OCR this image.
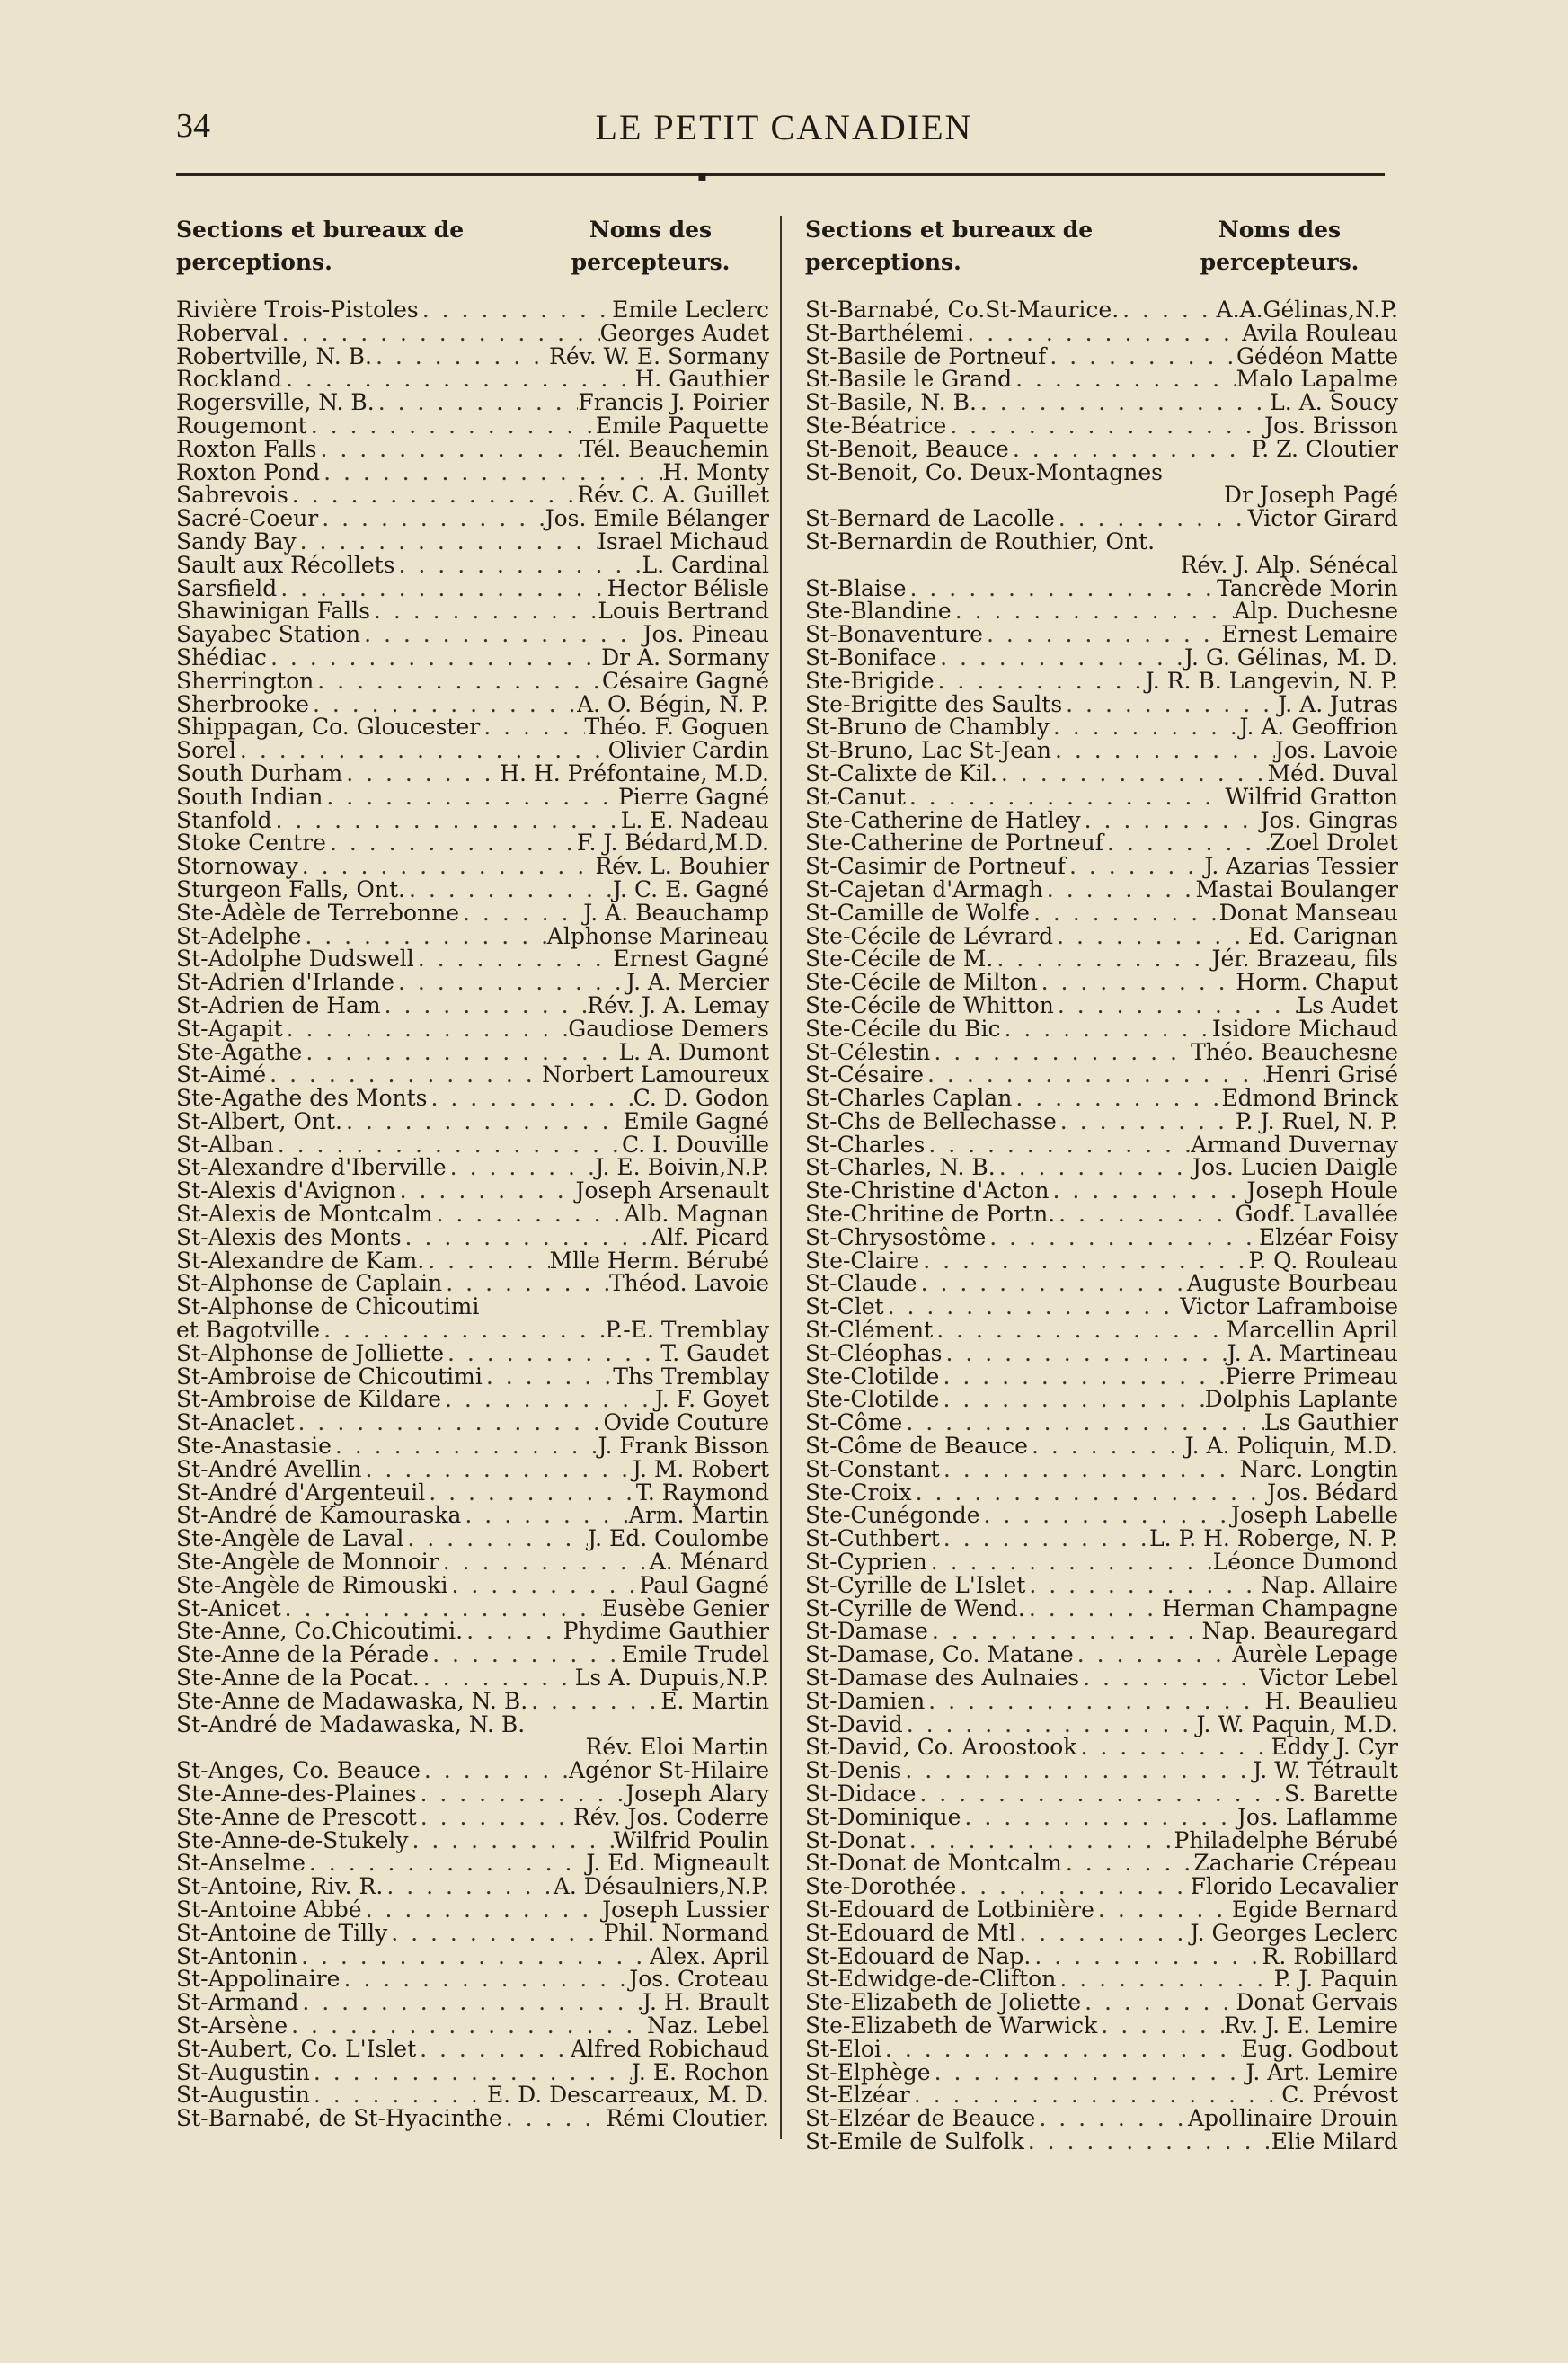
34	LE PETIT CANADIEN
▪
Sections et bureaux de perceptions.
Noms des percepteurs.
Rivière Trois-Pistoles . . .	Emile Leclerc
Roberval . . .	Georges Audet
Robertville, N. B. . . .	Rév. W. E. Sormany
Rockland . . .	H. Gauthier
Rogersville, N. B. . . .	Francis J. Poirier
Rougemont . . .	Emile Paquette
Roxton Falls . . .	Tél. Beauchemin
Roxton Pond . . .	H. Monty
Sabrevois . . .	Rév. C. A. Guillet
Sacré-Coeur . . .	Jos. Emile Bélanger
Sandy Bay . . .	Israel Michaud
Sault aux Récollets . . .	L. Cardinal
Sarsfield . . .	Hector Bélisle
Shawinigan Falls . . .	Louis Bertrand
Sayabec Station . . .	Jos. Pineau
Shédiac . . .	Dr A. Sormany
Sherrington . . .	Césaire Gagné
Sherbrooke . . .	A. O. Bégin, N. P.
Shippagan, Co. Gloucester . . .	Théo. F. Goguen
Sorel . . .	Olivier Cardin
South Durham . . .	H. H. Préfontaine, M.D.
South Indian . . .	Pierre Gagné
Stanfold . . .	L. E. Nadeau
Stoke Centre . . .	F. J. Bédard,M.D.
Stornoway . . .	Rév. L. Bouhier
Sturgeon Falls, Ont. . . .	J. C. E. Gagné
Ste-Adèle de Terrebonne . . .	J. A. Beauchamp
St-Adelphe . . .	Alphonse Marineau
St-Adolphe Dudswell . . .	Ernest Gagné
St-Adrien d'Irlande . . .	J. A. Mercier
St-Adrien de Ham . . .	Rév. J. A. Lemay
St-Agapit . . .	Gaudiose Demers
Ste-Agathe . . .	L. A. Dumont
St-Aimé . . .	Norbert Lamoureux
Ste-Agathe des Monts . . .	C. D. Godon
St-Albert, Ont. . . .	Emile Gagné
St-Alban . . .	C. I. Douville
St-Alexandre d'Iberville . . .	J. E. Boivin,N.P.
St-Alexis d'Avignon . . .	Joseph Arsenault
St-Alexis de Montcalm . . .	Alb. Magnan
St-Alexis des Monts . . .	Alf. Picard
St-Alexandre de Kam. . . .	Mlle Herm. Bérubé
St-Alphonse de Caplain . . .	Théod. Lavoie
St-Alphonse de Chicoutimi
et Bagotville . . .	P.-E. Tremblay
St-Alphonse de Jolliette . . .	T. Gaudet
St-Ambroise de Chicoutimi . . .	Ths Tremblay
St-Ambroise de Kildare . . .	J. F. Goyet
St-Anaclet . . .	Ovide Couture
Ste-Anastasie . . .	J. Frank Bisson
St-André Avellin . . .	J. M. Robert
St-André d'Argenteuil . . .	T. Raymond
St-André de Kamouraska . . .	Arm. Martin
Ste-Angèle de Laval . . .	J. Ed. Coulombe
Ste-Angèle de Monnoir . . .	A. Ménard
Ste-Angèle de Rimouski . . .	Paul Gagné
St-Anicet . . .	Eusèbe Genier
Ste-Anne, Co.Chicoutimi. . . .	Phydime Gauthier
Ste-Anne de la Pérade . . .	Emile Trudel
Ste-Anne de la Pocat. . . .	Ls A. Dupuis,N.P.
Ste-Anne de Madawaska, N. B. . . .	E. Martin
St-André de Madawaska, N. B.
Rév. Eloi Martin
St-Anges, Co. Beauce . . .	Agénor St-Hilaire
Ste-Anne-des-Plaines . . .	Joseph Alary
Ste-Anne de Prescott . . .	Rév. Jos. Coderre
Ste-Anne-de-Stukely . . .	Wilfrid Poulin
St-Anselme . . .	J. Ed. Migneault
St-Antoine, Riv. R. . . .	A. Désaulniers,N.P.
St-Antoine Abbé . . .	Joseph Lussier
St-Antoine de Tilly . . .	Phil. Normand
St-Antonin . . .	Alex. April
St-Appolinaire . . .	Jos. Croteau
St-Armand . . .	J. H. Brault
St-Arsène . . .	Naz. Lebel
St-Aubert, Co. L'Islet . . .	Alfred Robichaud
St-Augustin . . .	J. E. Rochon
St-Augustin . . .	E. D. Descarreaux, M. D.
St-Barnabé, de St-Hyacinthe . . .	Rémi Cloutier.
Sections et bureaux de perceptions.
Noms des percepteurs.
St-Barnabé, Co.St-Maurice. . . .	A.A.Gélinas,N.P.
St-Barthélemi . . .	Avila Rouleau
St-Basile de Portneuf . . .	Gédéon Matte
St-Basile le Grand . . .	Malo Lapalme
St-Basile, N. B. . . .	L. A. Soucy
Ste-Béatrice . . .	Jos. Brisson
St-Benoit, Beauce . . .	P. Z. Cloutier
St-Benoit, Co. Deux-Montagnes
Dr Joseph Pagé
St-Bernard de Lacolle . . .	Victor Girard
St-Bernardin de Routhier, Ont.
Rév. J. Alp. Sénécal
St-Blaise . . .	Tancrède Morin
Ste-Blandine . . .	Alp. Duchesne
St-Bonaventure . . .	Ernest Lemaire
St-Boniface . . .	J. G. Gélinas, M. D.
Ste-Brigide . . .	J. R. B. Langevin, N. P.
Ste-Brigitte des Saults . . .	J. A. Jutras
St-Bruno de Chambly . . .	J. A. Geoffrion
St-Bruno, Lac St-Jean . . .	Jos. Lavoie
St-Calixte de Kil. . . .	Méd. Duval
St-Canut . . .	Wilfrid Gratton
Ste-Catherine de Hatley . . .	Jos. Gingras
Ste-Catherine de Portneuf . . .	Zoel Drolet
St-Casimir de Portneuf . . .	J. Azarias Tessier
St-Cajetan d'Armagh . . .	Mastai Boulanger
St-Camille de Wolfe . . .	Donat Manseau
Ste-Cécile de Lévrard . . .	Ed. Carignan
Ste-Cécile de M. . . .	Jér. Brazeau, fils
Ste-Cécile de Milton . . .	Horm. Chaput
Ste-Cécile de Whitton . . .	Ls Audet
Ste-Cécile du Bic . . .	Isidore Michaud
St-Célestin . . .	Théo. Beauchesne
St-Césaire . . .	Henri Grisé
St-Charles Caplan . . .	Edmond Brinck
St-Chs de Bellechasse . . .	P. J. Ruel, N. P.
St-Charles . . .	Armand Duvernay
St-Charles, N. B. . . .	Jos. Lucien Daigle
Ste-Christine d'Acton . . .	Joseph Houle
Ste-Chritine de Portn. . . .	Godf. Lavallée
St-Chrysostôme . . .	Elzéar Foisy
Ste-Claire . . .	P. Q. Rouleau
St-Claude . . .	Auguste Bourbeau
St-Clet . . .	Victor Laframboise
St-Clément . . .	Marcellin April
St-Cléophas . . .	J. A. Martineau
Ste-Clotilde . . .	Pierre Primeau
Ste-Clotilde . . .	Dolphis Laplante
St-Côme . . .	Ls Gauthier
St-Côme de Beauce . . .	J. A. Poliquin, M.D.
St-Constant . . .	Narc. Longtin
Ste-Croix . . .	Jos. Bédard
Ste-Cunégonde . . .	Joseph Labelle
St-Cuthbert . . .	L. P. H. Roberge, N. P.
St-Cyprien . . .	Léonce Dumond
St-Cyrille de L'Islet . . .	Nap. Allaire
St-Cyrille de Wend. . . .	Herman Champagne
St-Damase . . .	Nap. Beauregard
St-Damase, Co. Matane . . .	Aurèle Lepage
St-Damase des Aulnaies . . .	Victor Lebel
St-Damien . . .	H. Beaulieu
St-David . . .	J. W. Paquin, M.D.
St-David, Co. Aroostook . . .	Eddy J. Cyr
St-Denis . . .	J. W. Tétrault
St-Didace . . .	S. Barette
St-Dominique . . .	Jos. Laflamme
St-Donat . . .	Philadelphe Bérubé
St-Donat de Montcalm . . .	Zacharie Crépeau
Ste-Dorothée . . .	Florido Lecavalier
St-Edouard de Lotbinière . . .	Egide Bernard
St-Edouard de Mtl . . .	J. Georges Leclerc
St-Edouard de Nap. . . .	R. Robillard
St-Edwidge-de-Clifton . . .	P. J. Paquin
Ste-Elizabeth de Joliette . . .	Donat Gervais
Ste-Elizabeth de Warwick . . .	Rv. J. E. Lemire
St-Eloi . . .	Eug. Godbout
St-Elphège . . .	J. Art. Lemire
St-Elzéar . . .	C. Prévost
St-Elzéar de Beauce . . .	Apollinaire Drouin
St-Emile de Sulfolk . . .	Elie Milard
